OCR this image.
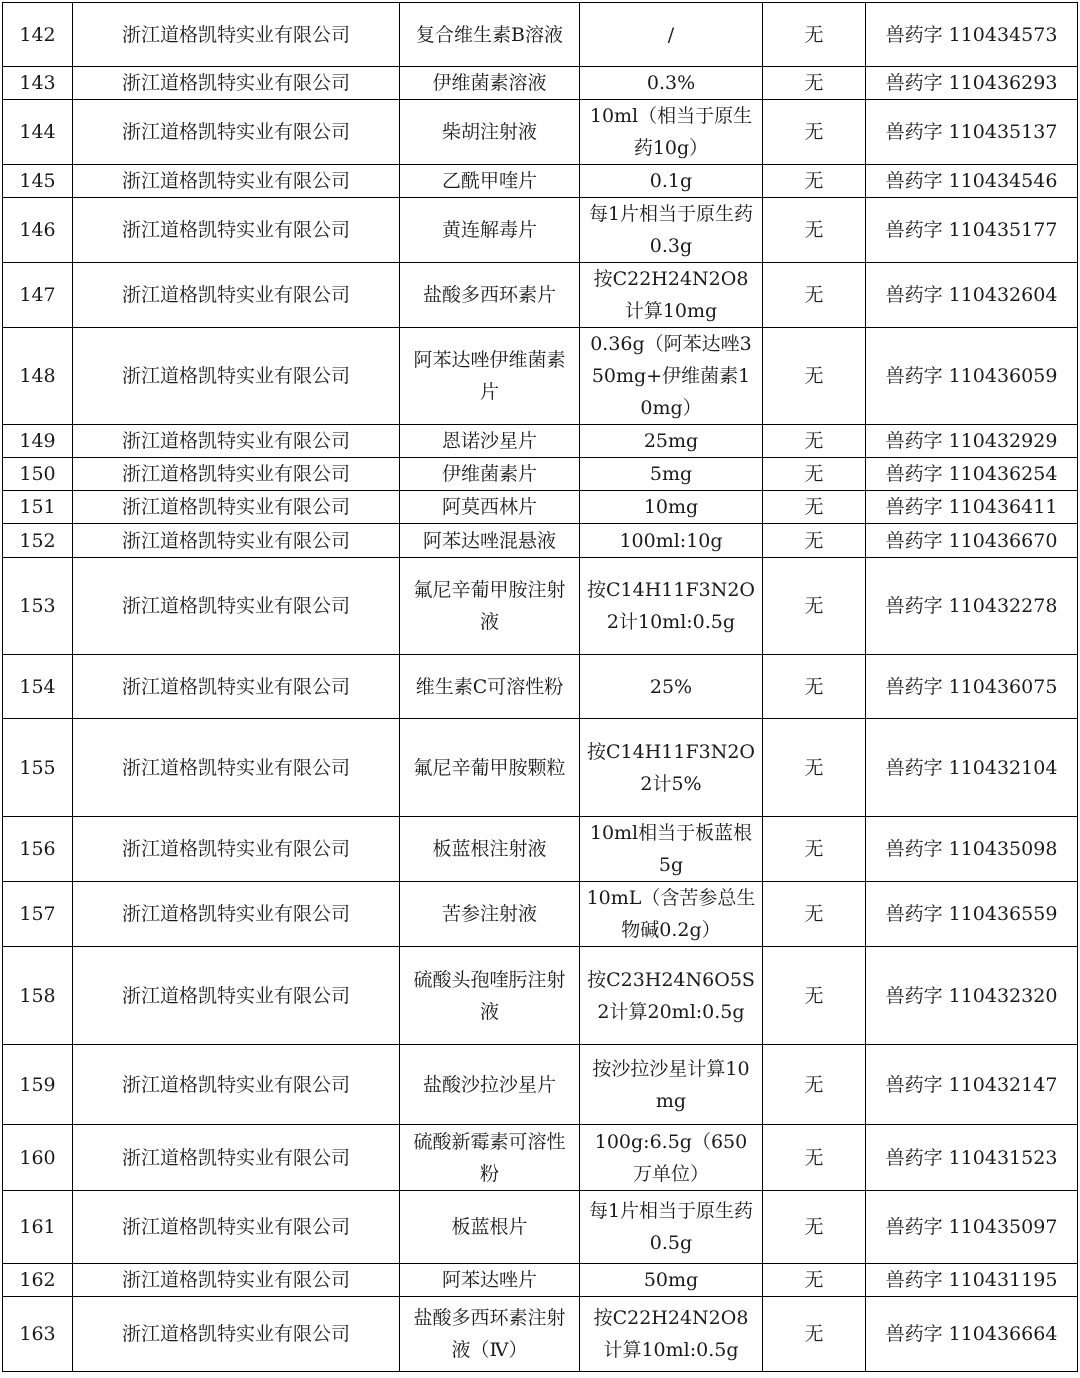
142	浙江道格凯特实业有限公司	复合维生素B溶液	/	无	兽药字 110434573
143	浙江道格凯特实业有限公司	伊维菌素溶液	0.3%	无	兽药字 110436293
144	浙江道格凯特实业有限公司	柴胡注射液	10ml（相当于原生药10g）	无	兽药字 110435137
145	浙江道格凯特实业有限公司	乙酰甲喹片	0.1g	无	兽药字 110434546
146	浙江道格凯特实业有限公司	黄连解毒片	每1片相当于原生药0.3g	无	兽药字 110435177
147	浙江道格凯特实业有限公司	盐酸多西环素片	按C22H24N2O8计算10mg	无	兽药字 110432604
148	浙江道格凯特实业有限公司	阿苯达唑伊维菌素片	0.36g（阿苯达唑350mg+伊维菌素10mg）	无	兽药字 110436059
149	浙江道格凯特实业有限公司	恩诺沙星片	25mg	无	兽药字 110432929
150	浙江道格凯特实业有限公司	伊维菌素片	5mg	无	兽药字 110436254
151	浙江道格凯特实业有限公司	阿莫西林片	10mg	无	兽药字 110436411
152	浙江道格凯特实业有限公司	阿苯达唑混悬液	100ml:10g	无	兽药字 110436670
153	浙江道格凯特实业有限公司	氟尼辛葡甲胺注射液	按C14H11F3N2O2计10ml:0.5g	无	兽药字 110432278
154	浙江道格凯特实业有限公司	维生素C可溶性粉	25%	无	兽药字 110436075
155	浙江道格凯特实业有限公司	氟尼辛葡甲胺颗粒	按C14H11F3N2O2计5%	无	兽药字 110432104
156	浙江道格凯特实业有限公司	板蓝根注射液	10ml相当于板蓝根5g	无	兽药字 110435098
157	浙江道格凯特实业有限公司	苦参注射液	10mL（含苦参总生物碱0.2g）	无	兽药字 110436559
158	浙江道格凯特实业有限公司	硫酸头孢喹肟注射液	按C23H24N6O5S2计算20ml:0.5g	无	兽药字 110432320
159	浙江道格凯特实业有限公司	盐酸沙拉沙星片	按沙拉沙星计算10mg	无	兽药字 110432147
160	浙江道格凯特实业有限公司	硫酸新霉素可溶性粉	100g:6.5g（650万单位）	无	兽药字 110431523
161	浙江道格凯特实业有限公司	板蓝根片	每1片相当于原生药0.5g	无	兽药字 110435097
162	浙江道格凯特实业有限公司	阿苯达唑片	50mg	无	兽药字 110431195
163	浙江道格凯特实业有限公司	盐酸多西环素注射液（Ⅳ）	按C22H24N2O8计算10ml:0.5g	无	兽药字 110436664
